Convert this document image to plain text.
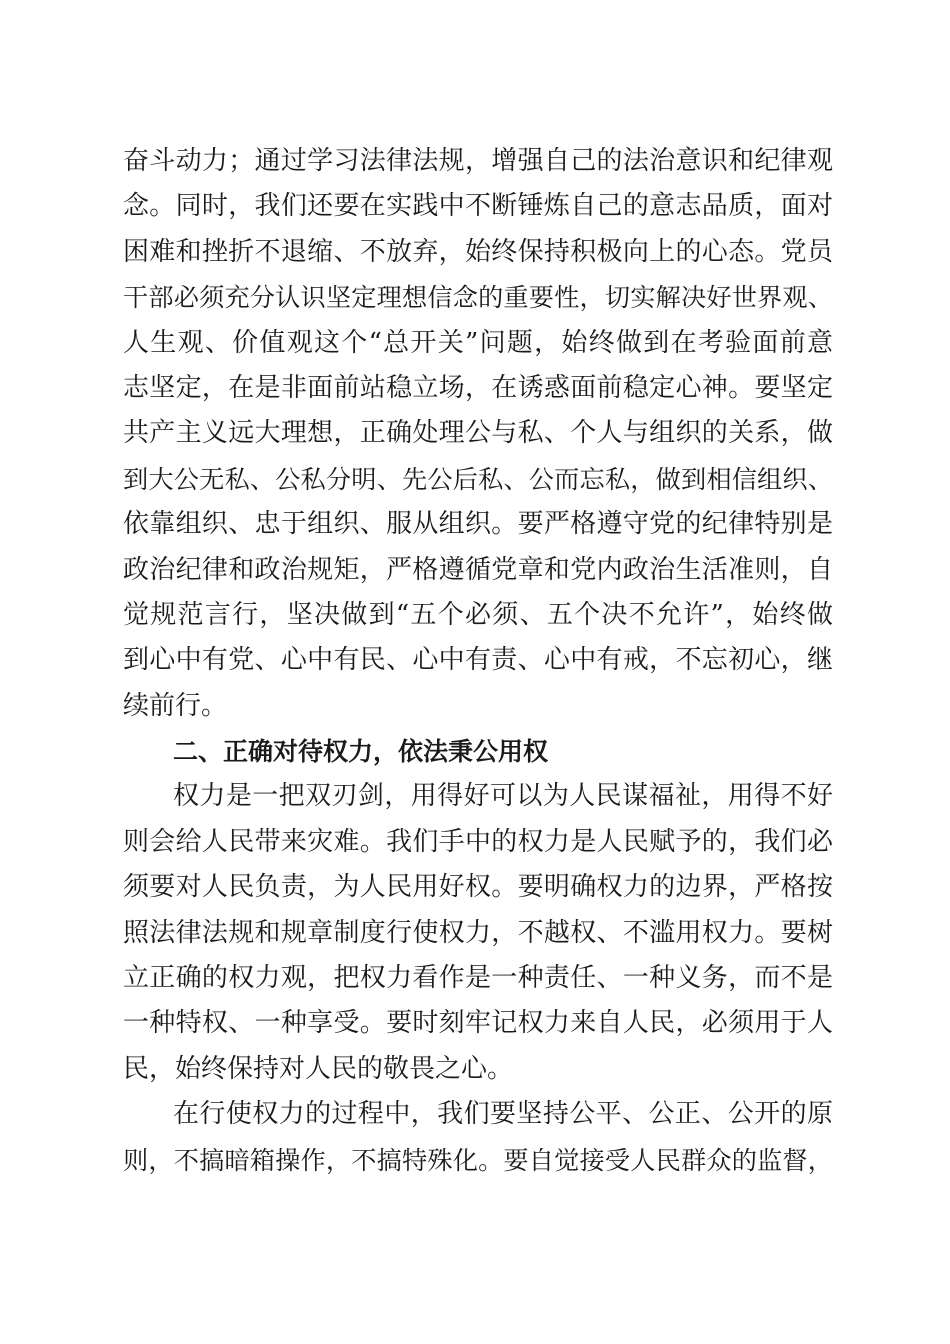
奋斗动力；通过学习法律法规，增强自己的法治意识和纪律观
念。同时，我们还要在实践中不断锤炼自己的意志品质，面对
困难和挫折不退缩、不放弃，始终保持积极向上的心态。党员
干部必须充分认识坚定理想信念的重要性，切实解决好世界观、
人生观、价值观这个“总开关”问题，始终做到在考验面前意
志坚定，在是非面前站稳立场，在诱惑面前稳定心神。要坚定
共产主义远大理想，正确处理公与私、个人与组织的关系，做
到大公无私、公私分明、先公后私、公而忘私，做到相信组织、
依靠组织、忠于组织、服从组织。要严格遵守党的纪律特别是
政治纪律和政治规矩，严格遵循党章和党内政治生活准则，自
觉规范言行，坚决做到“五个必须、五个决不允许”，始终做
到心中有党、心中有民、心中有责、心中有戒，不忘初心，继
续前行。
二、正确对待权力，依法秉公用权
权力是一把双刃剑，用得好可以为人民谋福祉，用得不好
则会给人民带来灾难。我们手中的权力是人民赋予的，我们必
须要对人民负责，为人民用好权。要明确权力的边界，严格按
照法律法规和规章制度行使权力，不越权、不滥用权力。要树
立正确的权力观，把权力看作是一种责任、一种义务，而不是
一种特权、一种享受。要时刻牢记权力来自人民，必须用于人
民，始终保持对人民的敬畏之心。
在行使权力的过程中，我们要坚持公平、公正、公开的原
则，不搞暗箱操作，不搞特殊化。要自觉接受人民群众的监督，
